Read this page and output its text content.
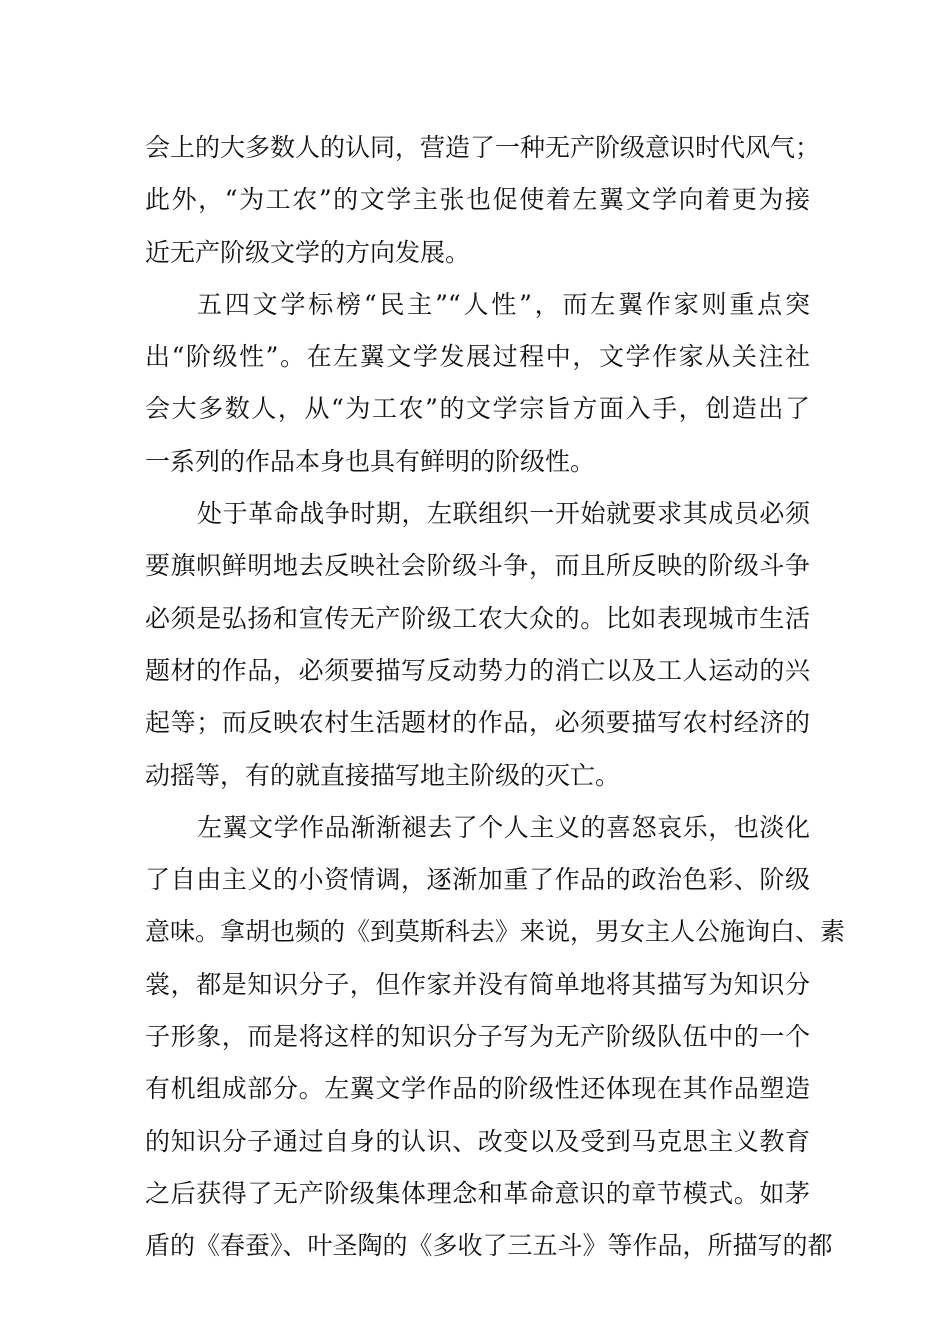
会上的大多数人的认同，营造了一种无产阶级意识时代风气；
此外，“为工农”的文学主张也促使着左翼文学向着更为接
近无产阶级文学的方向发展。
五四文学标榜“民主”“人性”，而左翼作家则重点突
出“阶级性”。在左翼文学发展过程中，文学作家从关注社
会大多数人，从“为工农”的文学宗旨方面入手，创造出了
一系列的作品本身也具有鲜明的阶级性。
处于革命战争时期，左联组织一开始就要求其成员必须
要旗帜鲜明地去反映社会阶级斗争，而且所反映的阶级斗争
必须是弘扬和宣传无产阶级工农大众的。比如表现城市生活
题材的作品，必须要描写反动势力的消亡以及工人运动的兴
起等；而反映农村生活题材的作品，必须要描写农村经济的
动摇等，有的就直接描写地主阶级的灭亡。
左翼文学作品渐渐褪去了个人主义的喜怒哀乐，也淡化
了自由主义的小资情调，逐渐加重了作品的政治色彩、阶级
意味。拿胡也频的《到莫斯科去》来说，男女主人公施询白、素
裳，都是知识分子，但作家并没有简单地将其描写为知识分
子形象，而是将这样的知识分子写为无产阶级队伍中的一个
有机组成部分。左翼文学作品的阶级性还体现在其作品塑造
的知识分子通过自身的认识、改变以及受到马克思主义教育
之后获得了无产阶级集体理念和革命意识的章节模式。如茅
盾的《春蚕》、叶圣陶的《多收了三五斗》等作品，所描写的都
